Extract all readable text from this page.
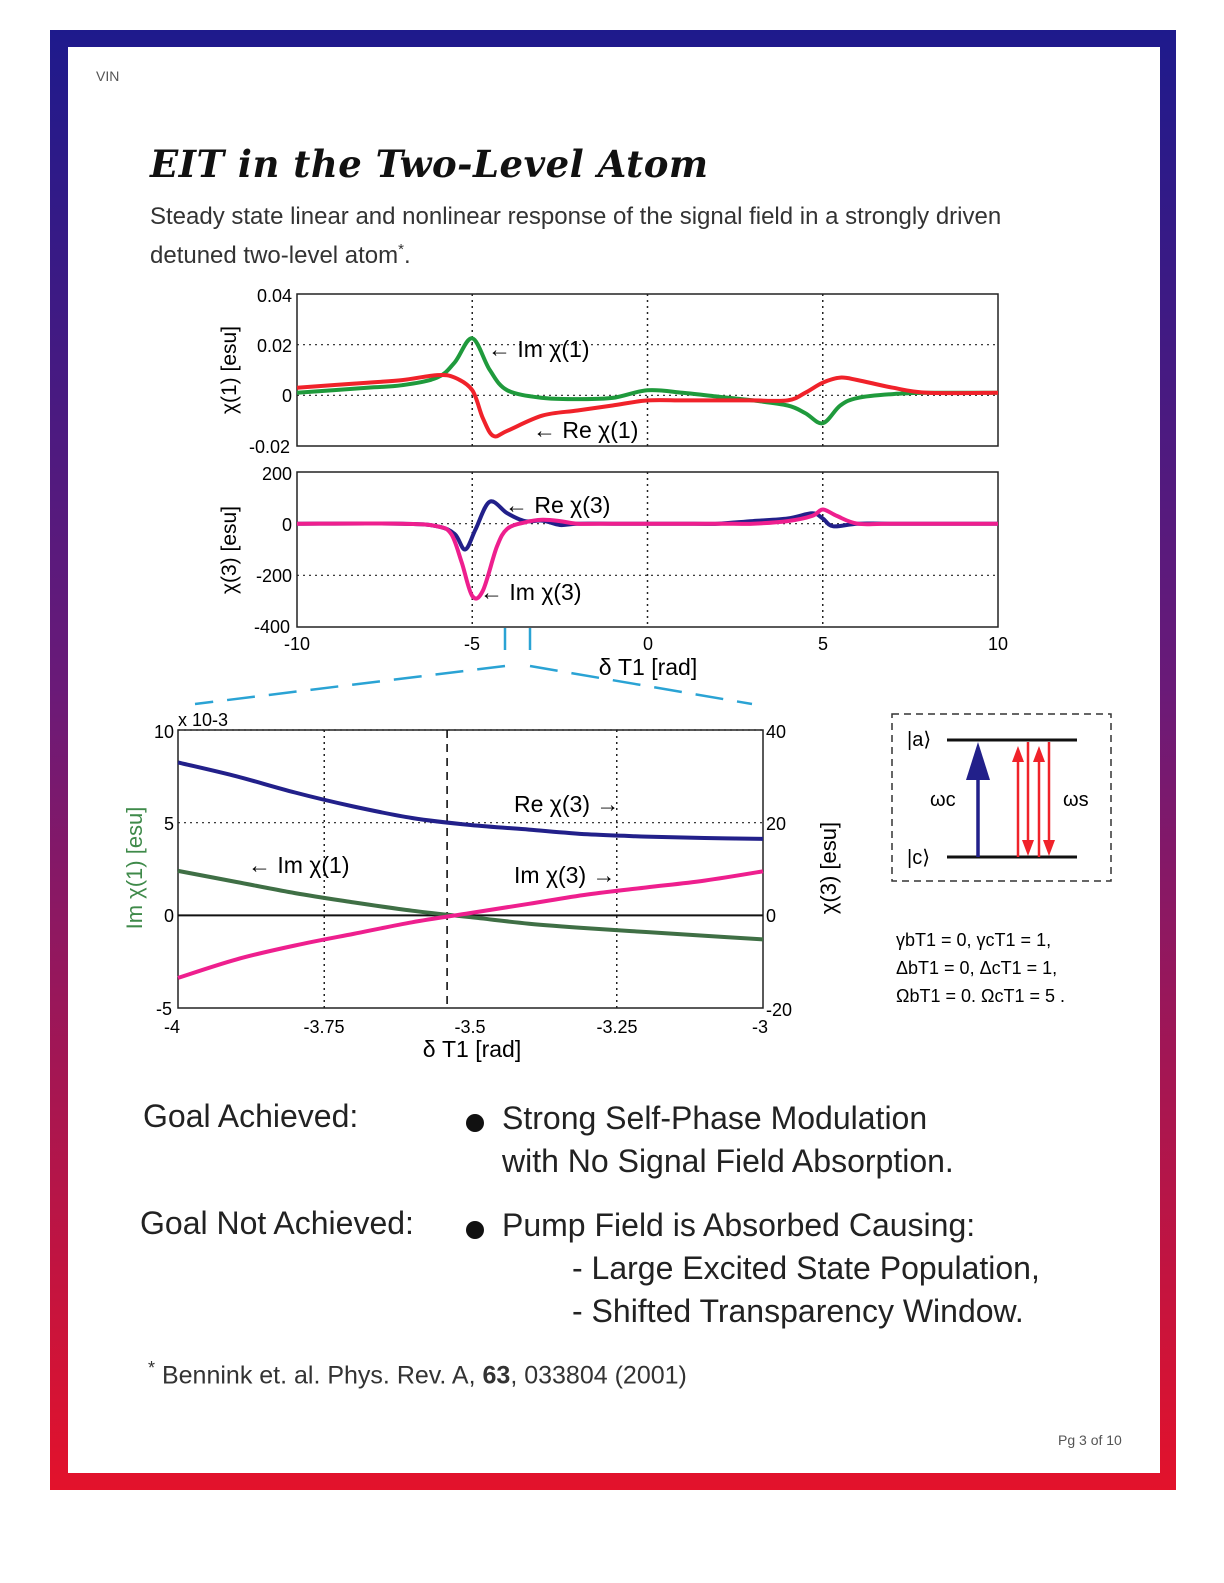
VIN
EIT in the Two-Level Atom
Steady state linear and nonlinear response of the signal field in a strongly driven detuned two-level atom*.
0.04
0.02
0
-0.02
χ(1) [esu]	← Im χ(1)
← Re χ(1)
200
0
-200
-400
-10	-5	0	5	10
δ T1 [rad]
χ(3) [esu]
← Re χ(3)
← Im χ(3)
x 10-3
10
5
0
-5
40
20
0
-20
-4	-3.75	-3.5	-3.25	-3
δ T1 [rad]
Im χ(1) [esu]	χ(3) [esu]
Re χ(3) →
← Im χ(1)	Im χ(3) →
|a⟩
|c⟩
ωc	ωs
γbT1 = 0, γcT1 = 1,
ΔbT1 = 0, ΔcT1 = 1,
ΩbT1 = 0. ΩcT1 = 5 .
Goal Achieved:	Strong Self-Phase Modulation
with No Signal Field Absorption.
Goal Not Achieved:	Pump Field is Absorbed Causing:
- Large Excited State Population,
- Shifted Transparency Window.
* Bennink et. al. Phys. Rev. A, 63, 033804 (2001)
Pg 3 of 10
